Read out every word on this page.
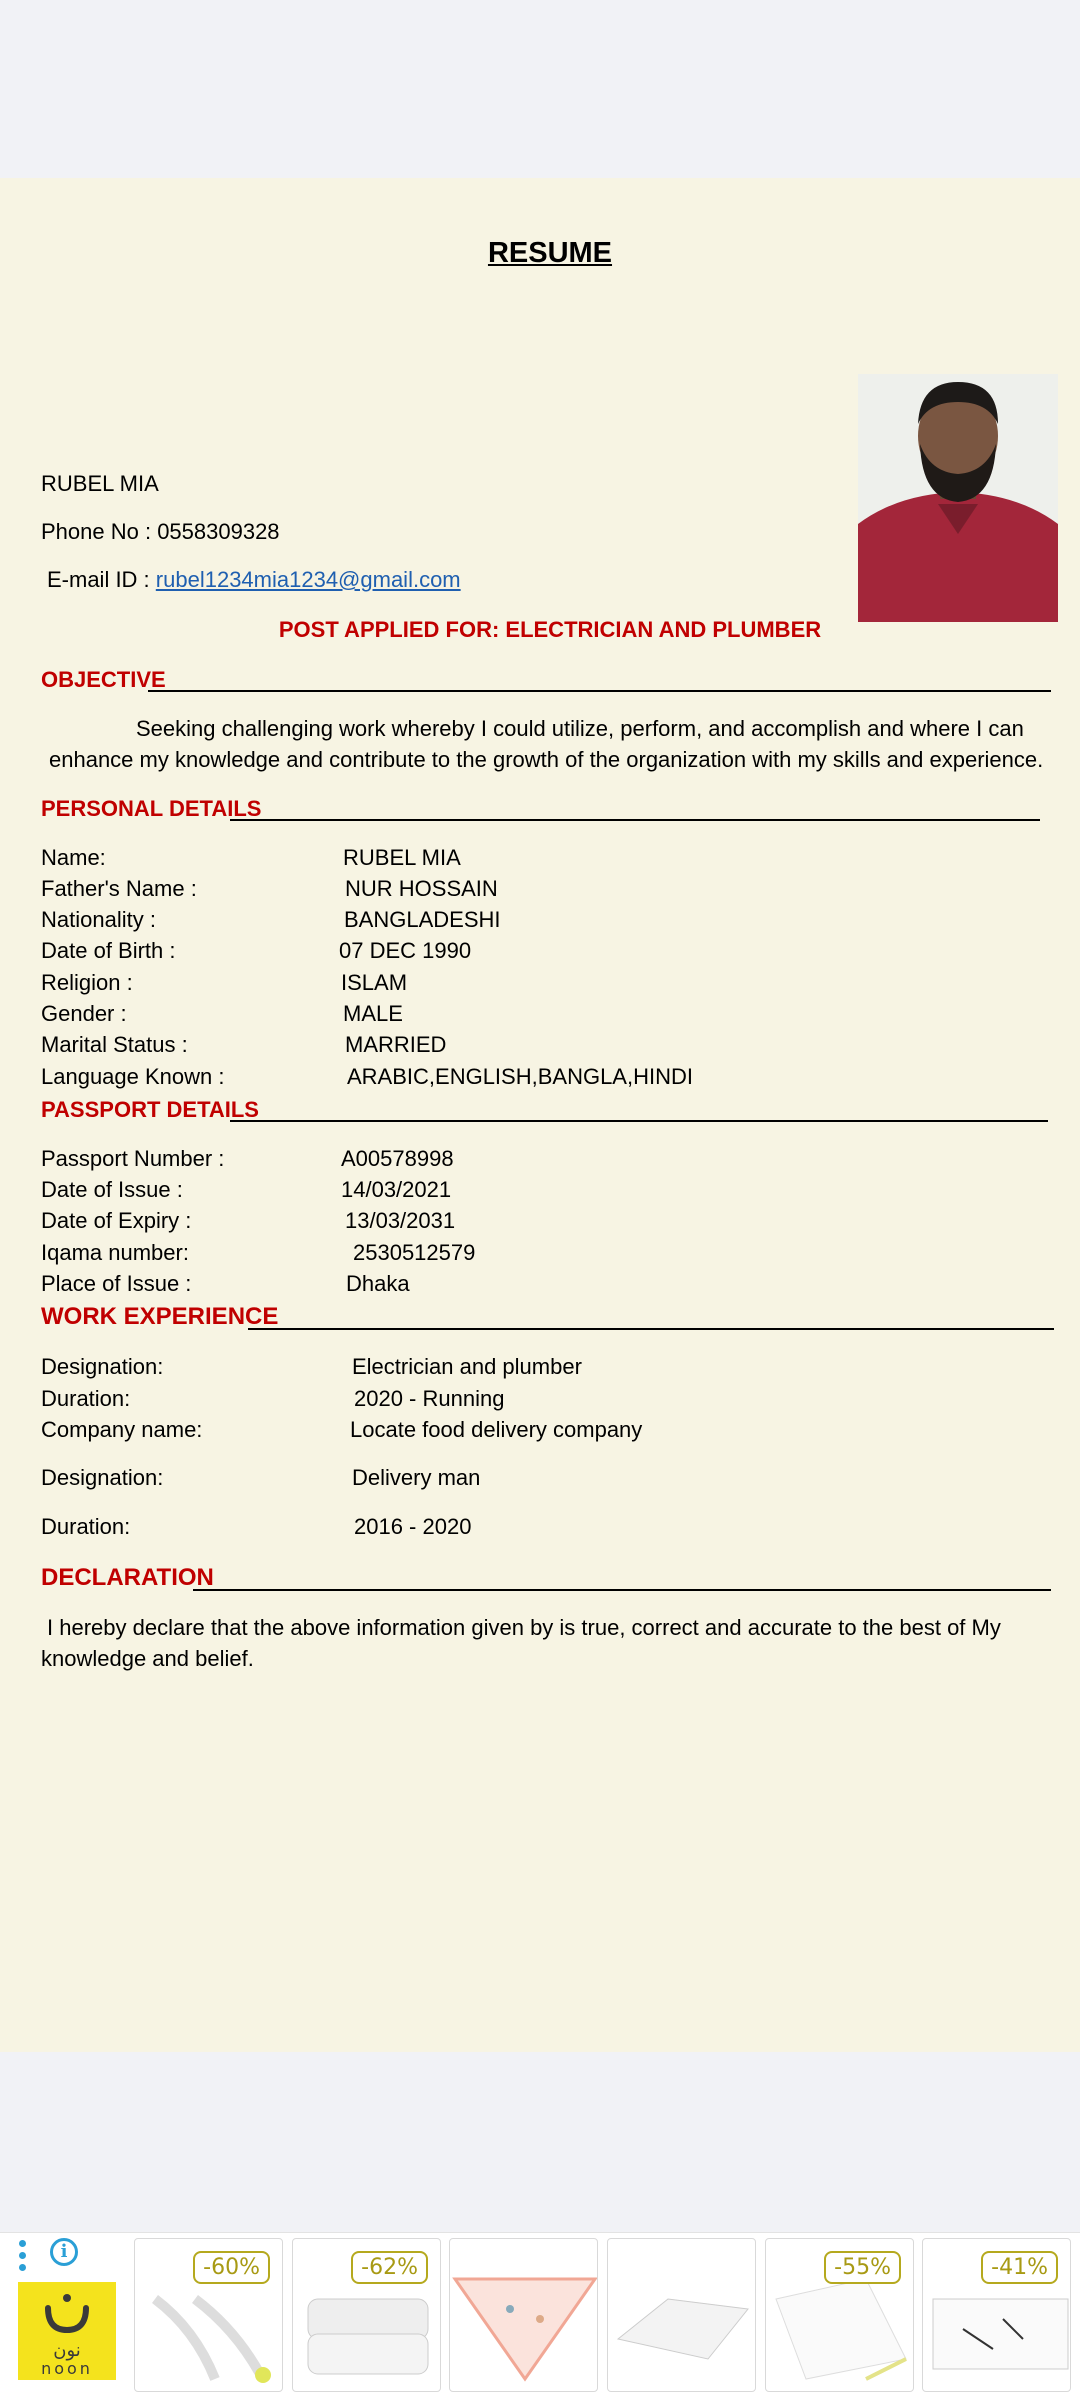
RESUME
RUBEL MIA
Phone No : 0558309328
E-mail ID : rubel1234mia1234@gmail.com
POST APPLIED FOR: ELECTRICIAN AND PLUMBER
OBJECTIVE
Seeking challenging work whereby I could utilize, perform, and accomplish and where I can
enhance my knowledge and contribute to the growth of the organization with my skills and experience.
PERSONAL DETAILS
Name:	RUBEL MIA
Father's Name :	NUR HOSSAIN
Nationality :	BANGLADESHI
Date of Birth :	07 DEC 1990
Religion :	ISLAM
Gender :	MALE
Marital Status :	MARRIED
Language Known :	ARABIC,ENGLISH,BANGLA,HINDI
PASSPORT DETAILS
Passport Number :	A00578998
Date of Issue :	14/03/2021
Date of Expiry :	13/03/2031
Iqama number:	2530512579
Place of Issue :	Dhaka
WORK EXPERIENCE
Designation:	Electrician and plumber
Duration:	2020 - Running
Company name:	Locate food delivery company
Designation:	Delivery man
Duration:	2016 - 2020
DECLARATION
I hereby declare that the above information given by is true, correct and accurate to the best of My
knowledge and belief.
i
نون
noon
-60%	-62%	-55%	-41%
